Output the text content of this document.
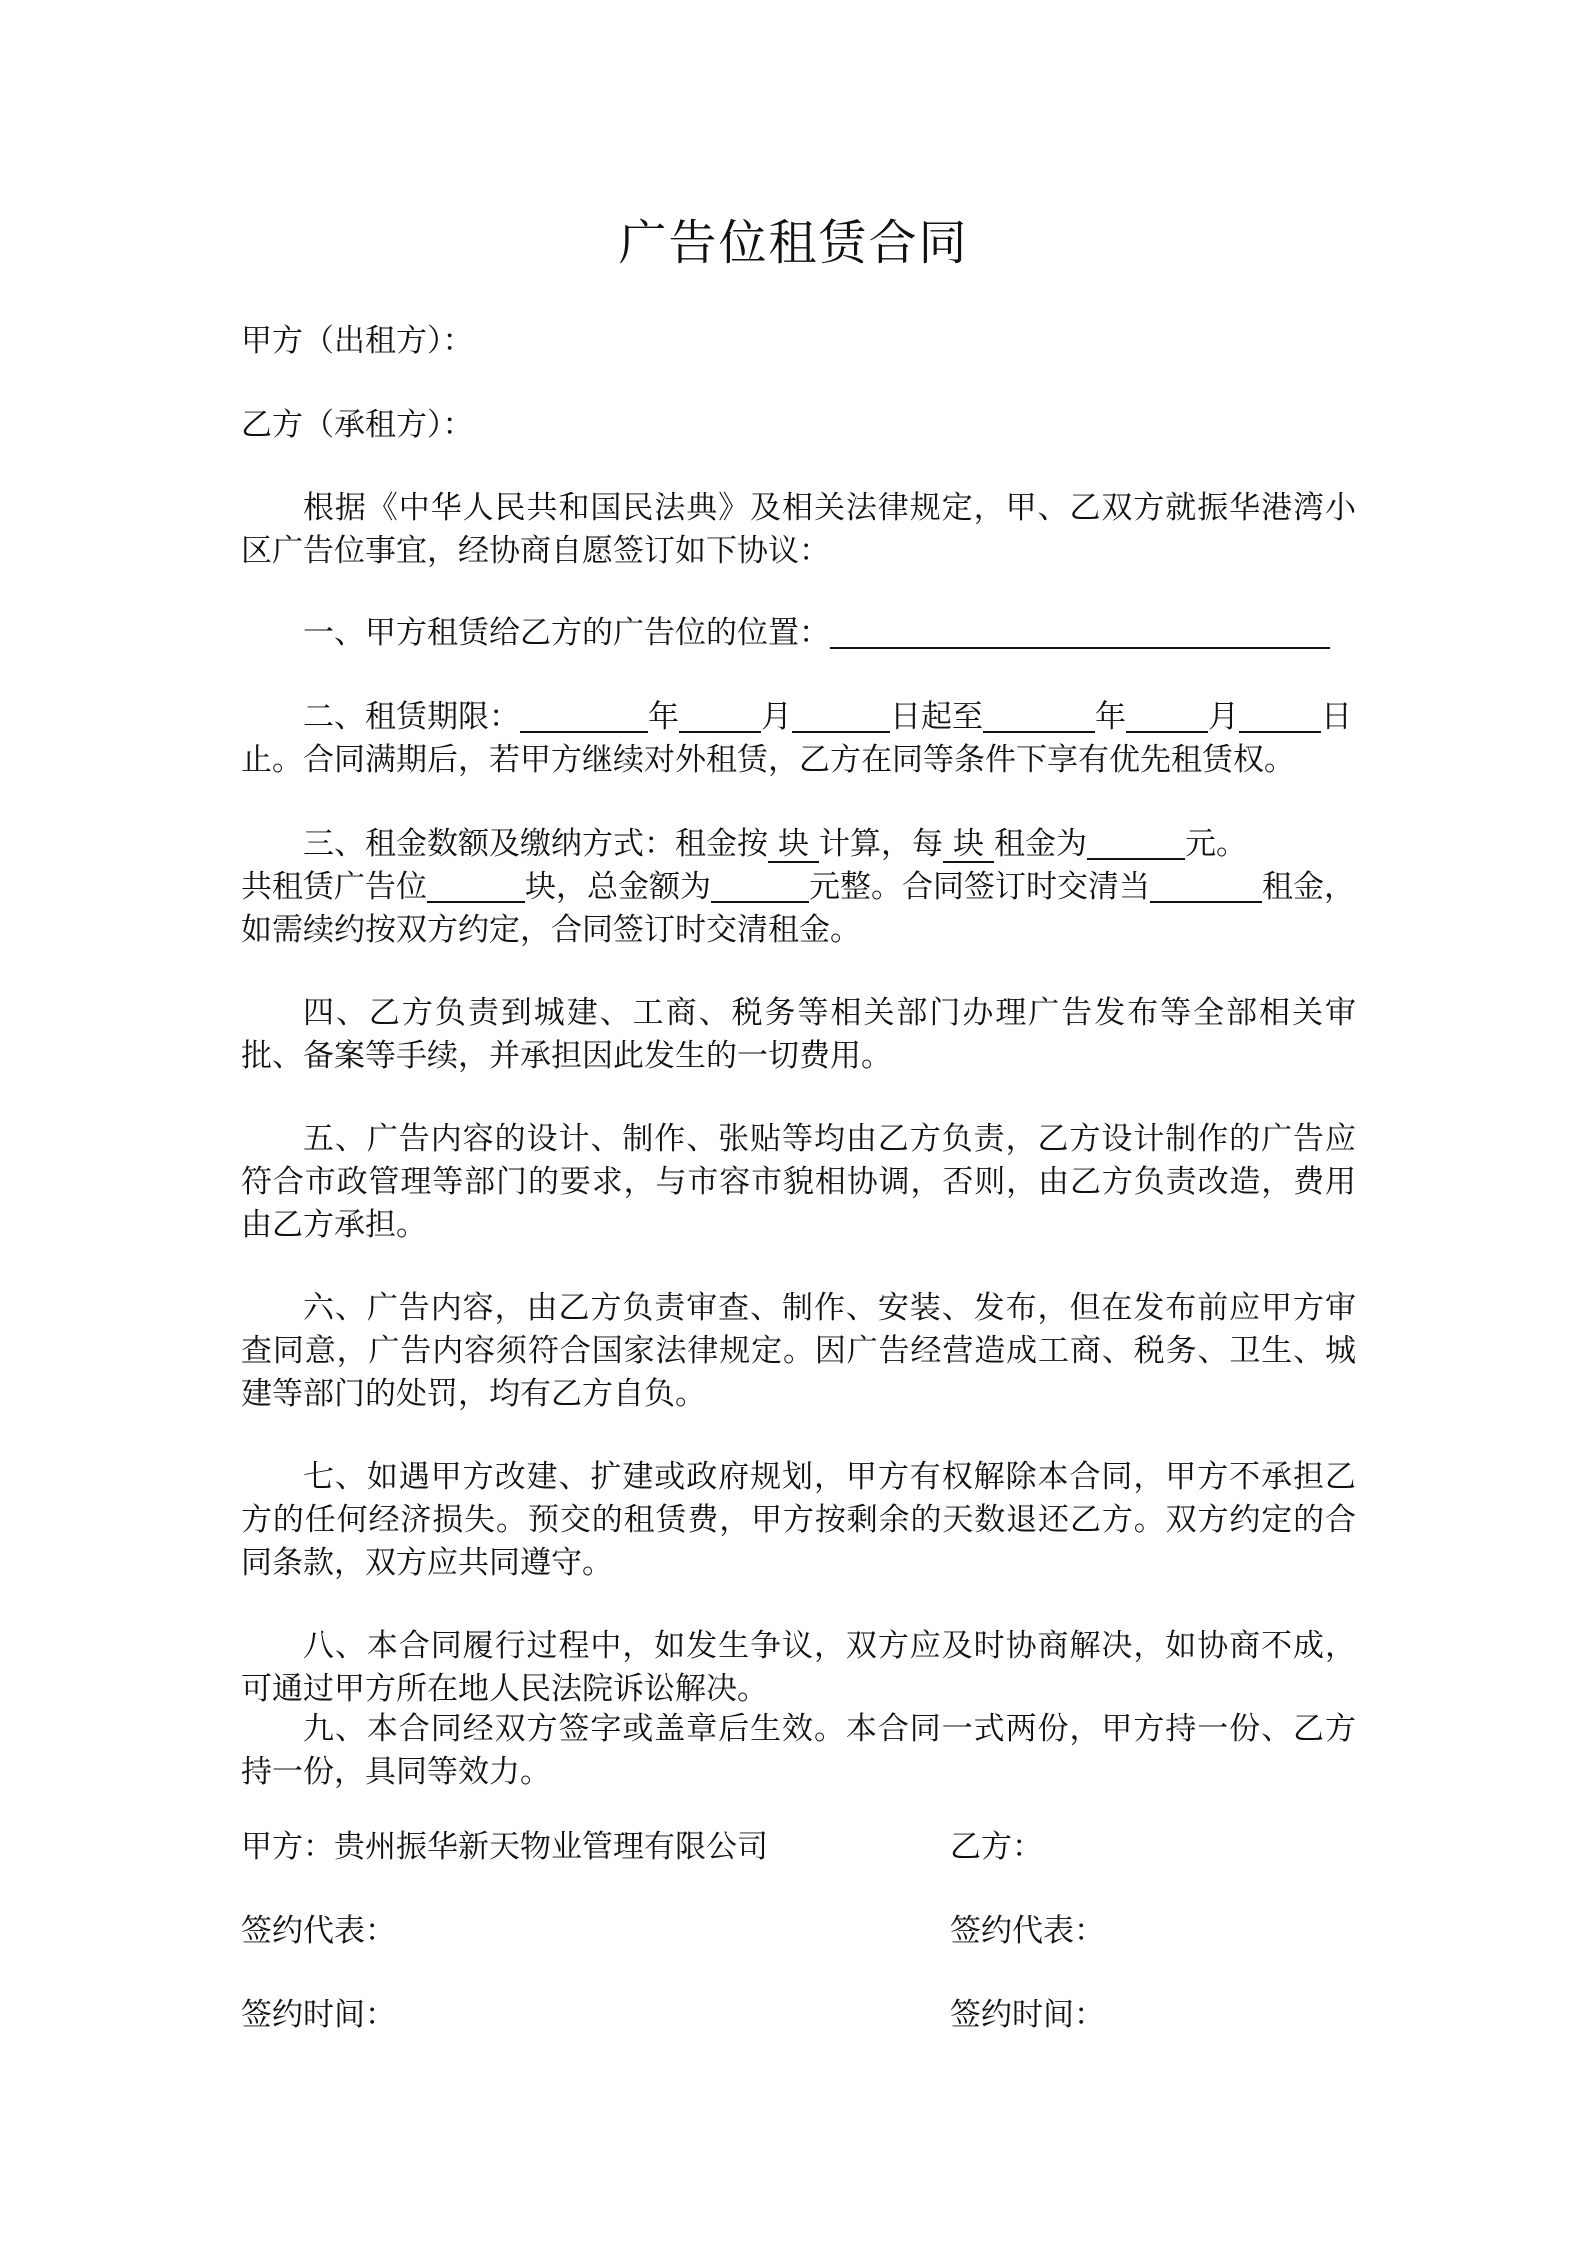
广告位租赁合同
甲方（出租方）：
乙方（承租方）：
根据《中华人民共和国民法典》及相关法律规定，甲、乙双方就振华港湾小区广告位事宜，经协商自愿签订如下协议：
一、甲方租赁给乙方的广告位的位置：
二、租赁期限：	年	月	日起至	年	月	日
止。合同满期后，若甲方继续对外租赁，乙方在同等条件下享有优先租赁权。
三、租金数额及缴纳方式：租金按 块 计算，每 块 租金为	元。
共租赁广告位	块，总金额为	元整。合同签订时交清当	租金，
如需续约按双方约定，合同签订时交清租金。
四、乙方负责到城建、工商、税务等相关部门办理广告发布等全部相关审批、备案等手续，并承担因此发生的一切费用。
五、广告内容的设计、制作、张贴等均由乙方负责，乙方设计制作的广告应符合市政管理等部门的要求，与市容市貌相协调，否则，由乙方负责改造，费用由乙方承担。
六、广告内容，由乙方负责审查、制作、安装、发布，但在发布前应甲方审查同意，广告内容须符合国家法律规定。因广告经营造成工商、税务、卫生、城建等部门的处罚，均有乙方自负。
七、如遇甲方改建、扩建或政府规划，甲方有权解除本合同，甲方不承担乙方的任何经济损失。预交的租赁费，甲方按剩余的天数退还乙方。双方约定的合同条款，双方应共同遵守。
八、本合同履行过程中，如发生争议，双方应及时协商解决，如协商不成，可通过甲方所在地人民法院诉讼解决。
九、本合同经双方签字或盖章后生效。本合同一式两份，甲方持一份、乙方持一份，具同等效力。
甲方：贵州振华新天物业管理有限公司	乙方：
签约代表：	签约代表：
签约时间：	签约时间：
